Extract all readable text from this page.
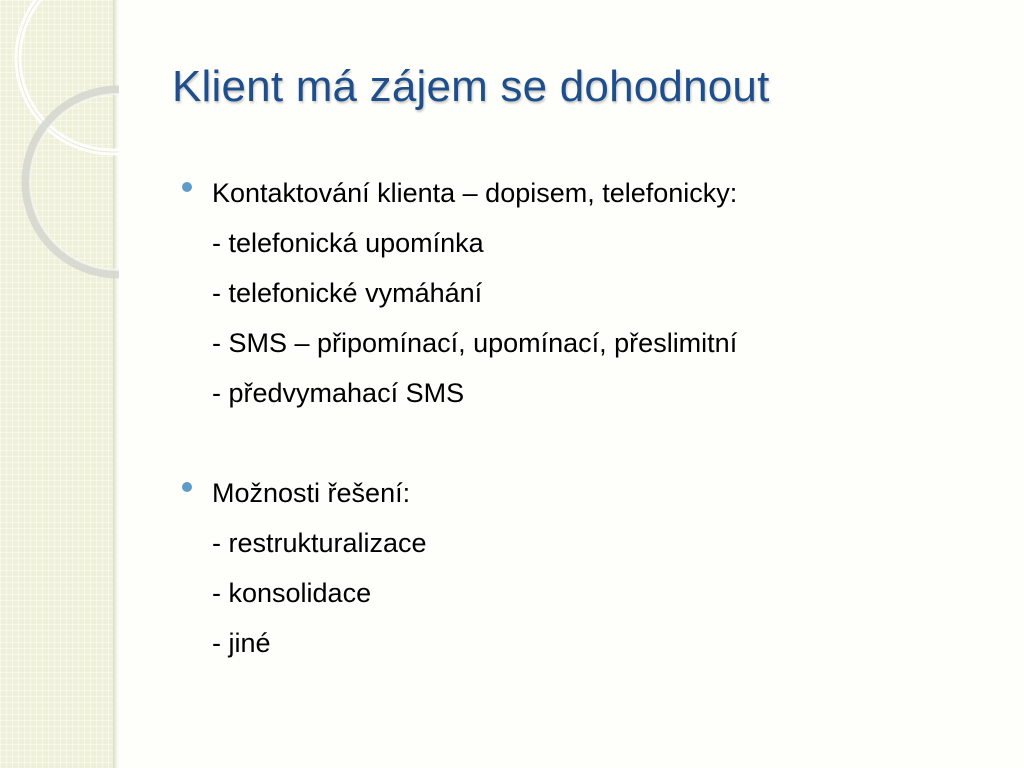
Klient má zájem se dohodnout
Kontaktování klienta – dopisem, telefonicky:
- telefonická upomínka
- telefonické vymáhání
- SMS – připomínací, upomínací, přeslimitní
- předvymahací SMS
Možnosti řešení:
- restrukturalizace
- konsolidace
- jiné
